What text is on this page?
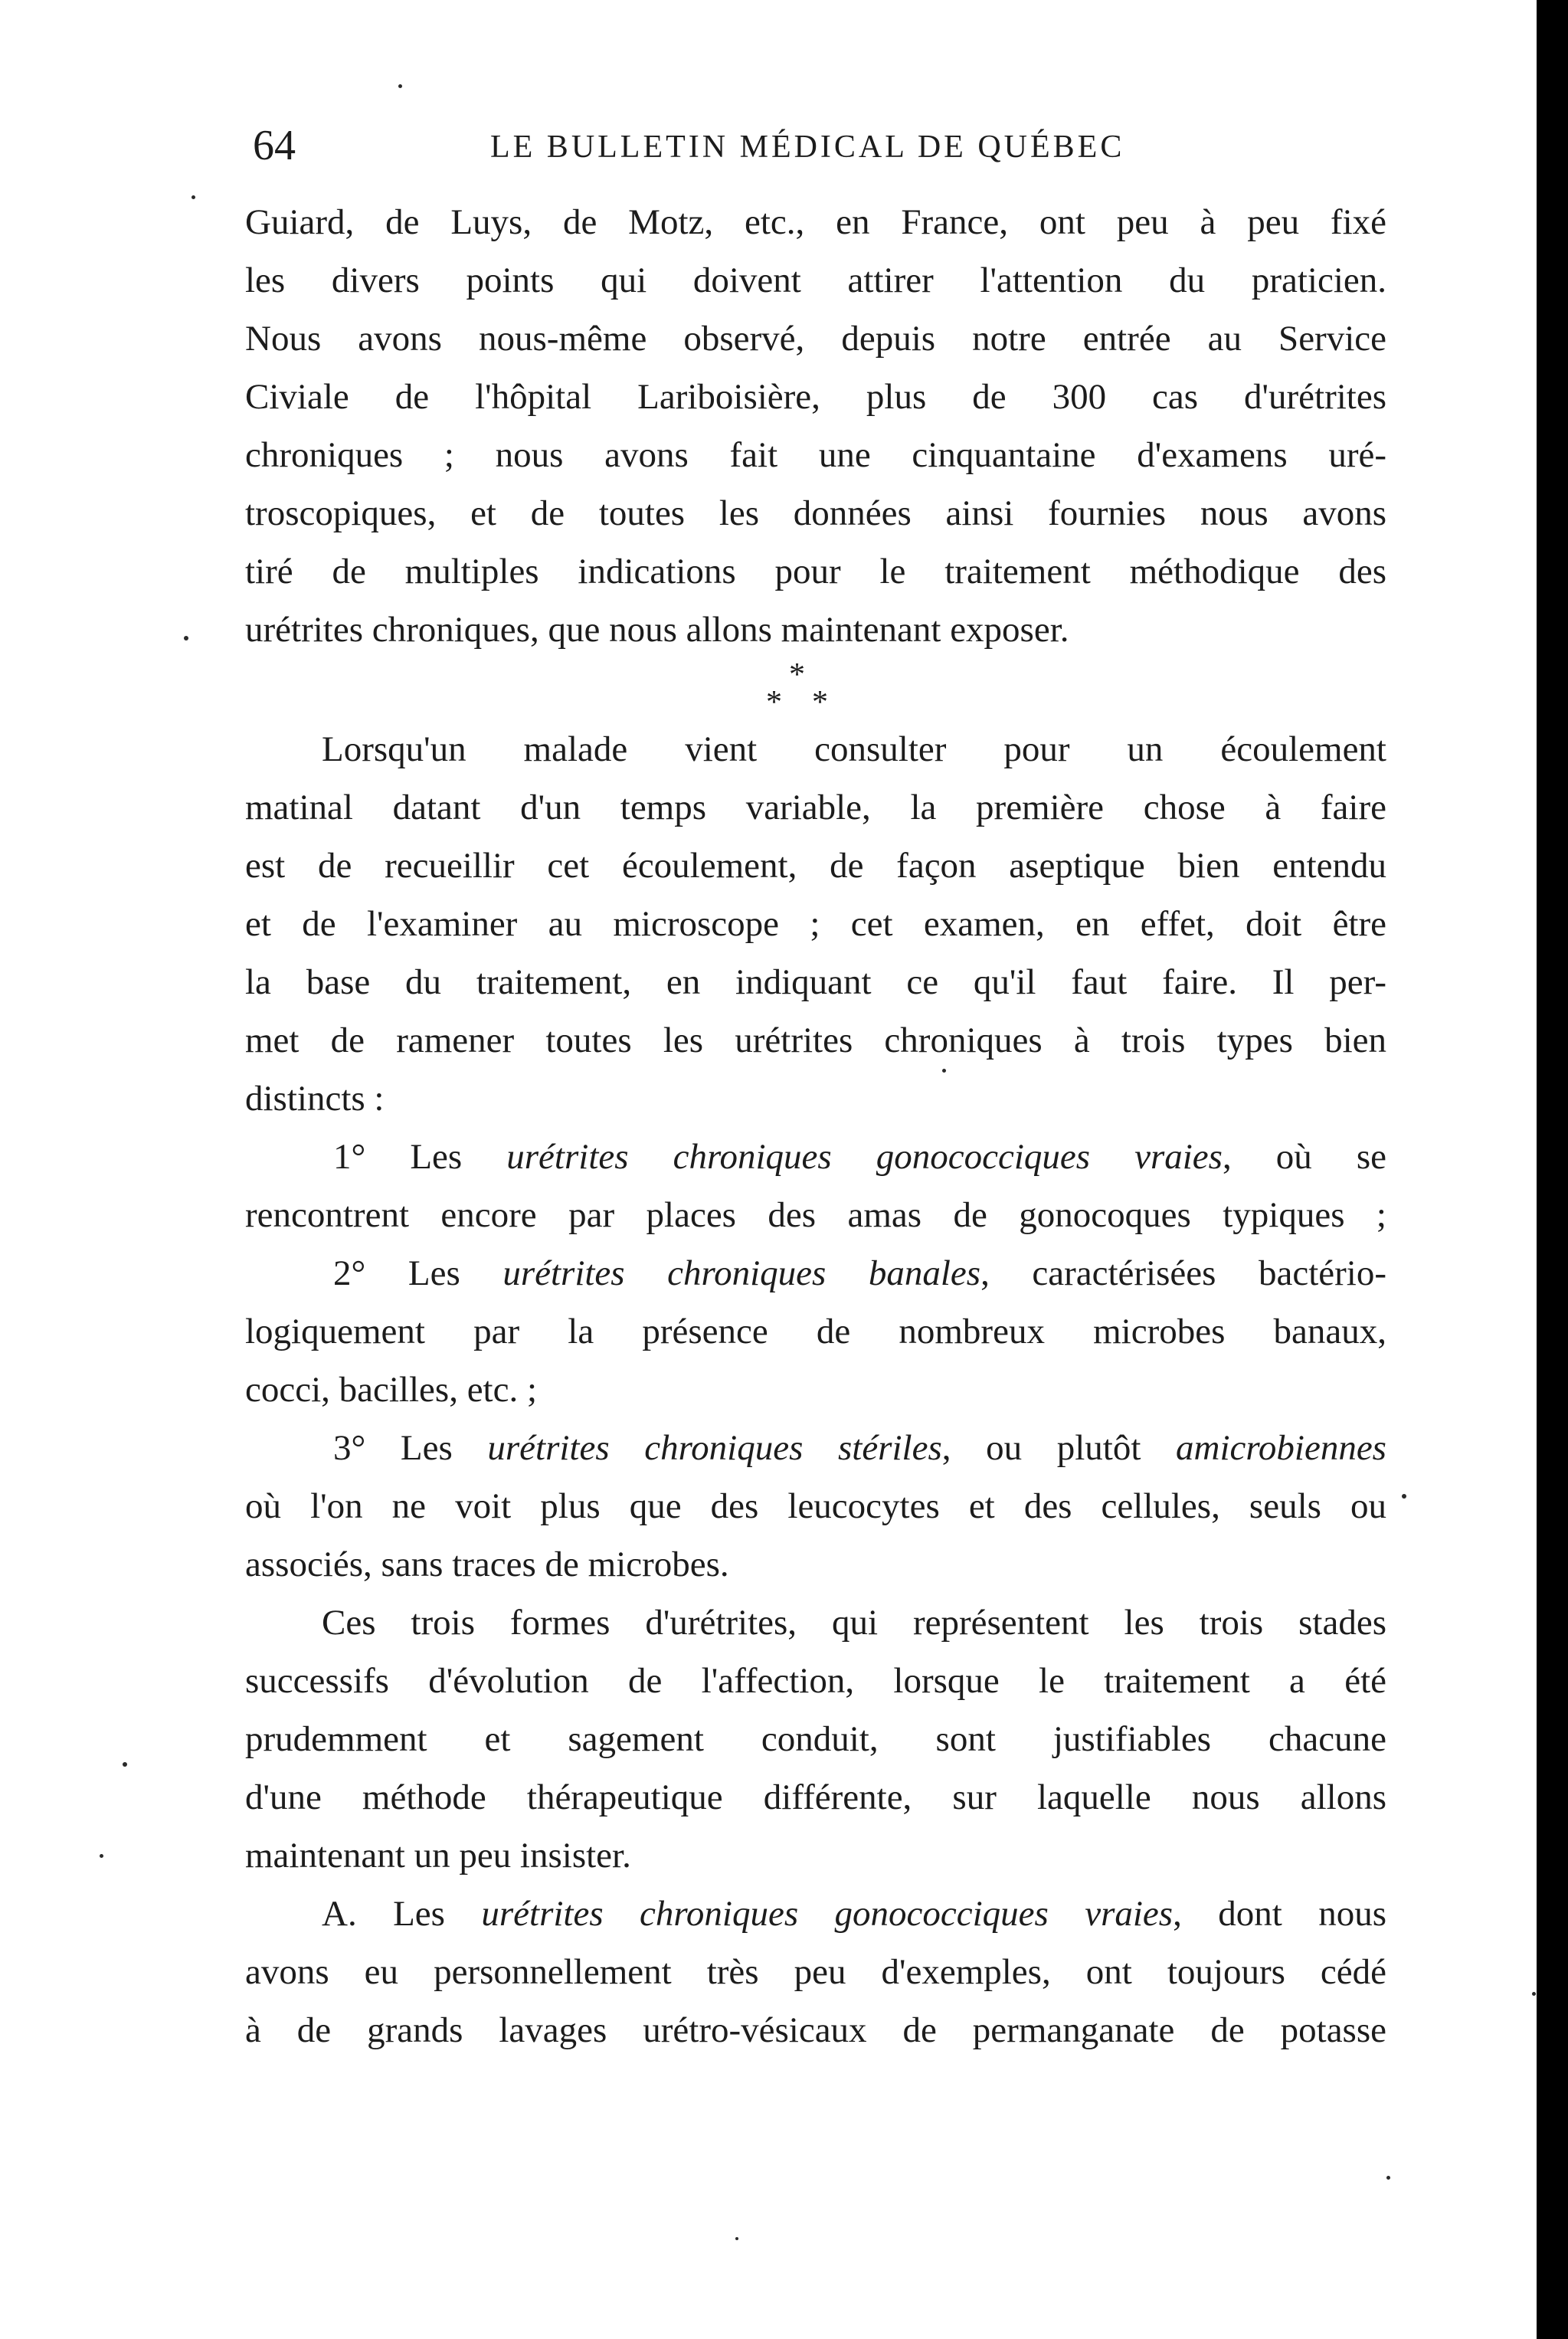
64	LE BULLETIN MÉDICAL DE QUÉBEC
Guiard, de Luys, de Motz, etc., en France, ont peu à peu fixé
les divers points qui doivent attirer l'attention du praticien.
Nous avons nous-même observé, depuis notre entrée au Service
Civiale de l'hôpital Lariboisière, plus de 300 cas d'urétrites
chroniques ; nous avons fait une cinquantaine d'examens uré-
troscopiques, et de toutes les données ainsi fournies nous avons
tiré de multiples indications pour le traitement méthodique des
urétrites chroniques, que nous allons maintenant exposer.
*
* *
Lorsqu'un malade vient consulter pour un écoulement
matinal datant d'un temps variable, la première chose à faire
est de recueillir cet écoulement, de façon aseptique bien entendu
et de l'examiner au microscope ; cet examen, en effet, doit être
la base du traitement, en indiquant ce qu'il faut faire. Il per-
met de ramener toutes les urétrites chroniques à trois types bien
distincts :
1° Les urétrites chroniques gonococciques vraies, où se
rencontrent encore par places des amas de gonocoques typiques ;
2° Les urétrites chroniques banales, caractérisées bactério-
logiquement par la présence de nombreux microbes banaux,
cocci, bacilles, etc. ;
3° Les urétrites chroniques stériles, ou plutôt amicrobiennes
où l'on ne voit plus que des leucocytes et des cellules, seuls ou
associés, sans traces de microbes.
Ces trois formes d'urétrites, qui représentent les trois stades
successifs d'évolution de l'affection, lorsque le traitement a été
prudemment et sagement conduit, sont justifiables chacune
d'une méthode thérapeutique différente, sur laquelle nous allons
maintenant un peu insister.
A. Les urétrites chroniques gonococciques vraies, dont nous
avons eu personnellement très peu d'exemples, ont toujours cédé
à de grands lavages urétro-vésicaux de permanganate de potasse
